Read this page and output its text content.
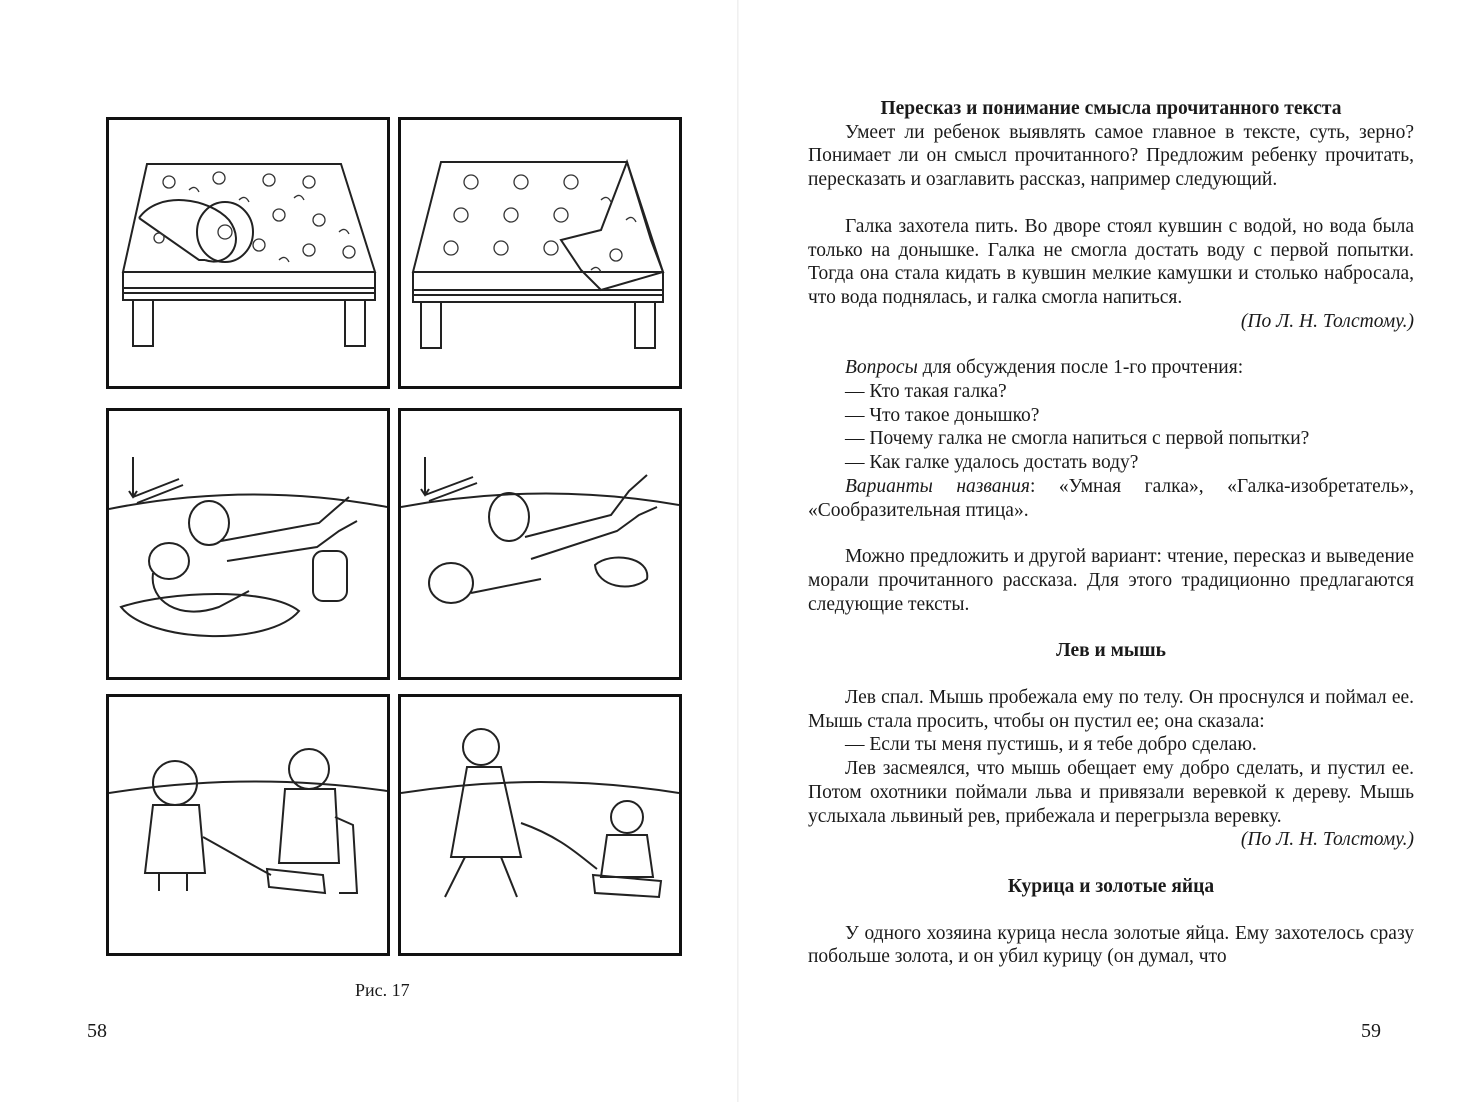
Рис. 17
58	59
Пересказ и понимание смысла прочитанного текста

Умеет ли ребенок выявлять самое главное в тексте, суть, зерно? Понимает ли он смысл прочитанного? Предложим ребенку прочитать, пересказать и озаглавить рассказ, например следующий.

Галка захотела пить. Во дворе стоял кувшин с водой, но вода была только на донышке. Галка не смогла достать воду с первой попытки. Тогда она стала кидать в кувшин мелкие камушки и столько набросала, что вода поднялась, и галка смогла напиться.

(По Л. Н. Толстому.)

Вопросы для обсуждения после 1-го прочтения:

— Кто такая галка?

— Что такое донышко?

— Почему галка не смогла напиться с первой попытки?

— Как галке удалось достать воду?

Варианты названия: «Умная галка», «Галка-изобретатель», «Сообразительная птица».

Можно предложить и другой вариант: чтение, пересказ и выведение морали прочитанного рассказа. Для этого традиционно предлагаются следующие тексты.

Лев и мышь

Лев спал. Мышь пробежала ему по телу. Он проснулся и поймал ее. Мышь стала просить, чтобы он пустил ее; она сказала:

— Если ты меня пустишь, и я тебе добро сделаю.

Лев засмеялся, что мышь обещает ему добро сделать, и пустил ее. Потом охотники поймали льва и привязали веревкой к дереву. Мышь услыхала львиный рев, прибежала и перегрызла веревку.

(По Л. Н. Толстому.)

Курица и золотые яйца

У одного хозяина курица несла золотые яйца. Ему захотелось сразу побольше золота, и он убил курицу (он думал, что
